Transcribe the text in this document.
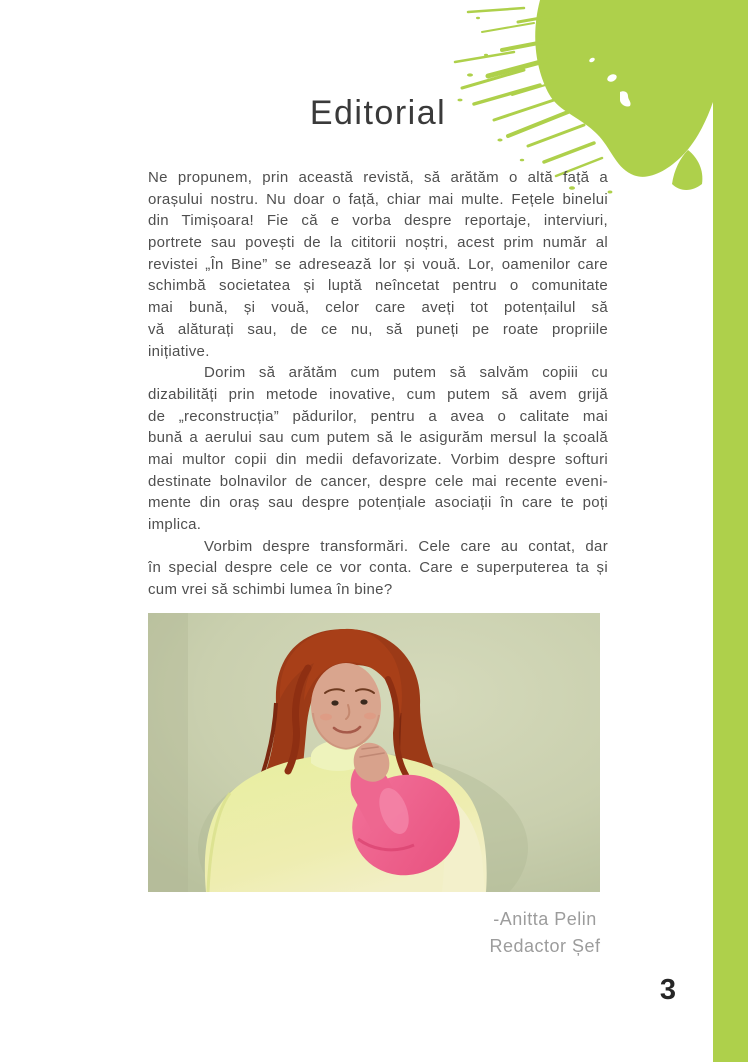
Editorial
Ne propunem, prin această revistă, să arătăm o altă față a
orașului nostru. Nu doar o față, chiar mai multe. Fețele binelui
din Timișoara! Fie că e vorba despre reportaje, interviuri,
portrete sau povești de la cititorii noștri, acest prim număr al
revistei „În Bine” se adresează lor și vouă. Lor, oamenilor care
schimbă societatea și luptă neîncetat pentru o comunitate
mai bună, și vouă, celor care aveți tot potențailul să
vă alăturați sau, de ce nu, să puneți pe roate propriile
inițiative.
Dorim să arătăm cum putem să salvăm copiii cu
dizabilități prin metode inovative, cum putem să avem grijă
de „reconstrucția” pădurilor, pentru a avea o calitate mai
bună a aerului sau cum putem să le asigurăm mersul la școală
mai multor copii din medii defavorizate. Vorbim despre softuri
destinate bolnavilor de cancer, despre cele mai recente eveni-
mente din oraș sau despre potențiale asociații în care te poți
implica.
Vorbim despre transformări. Cele care au contat, dar
în special despre cele ce vor conta. Care e superputerea ta și
cum vrei să schimbi lumea în bine?
-Anitta Pelin
Redactor Șef
3
